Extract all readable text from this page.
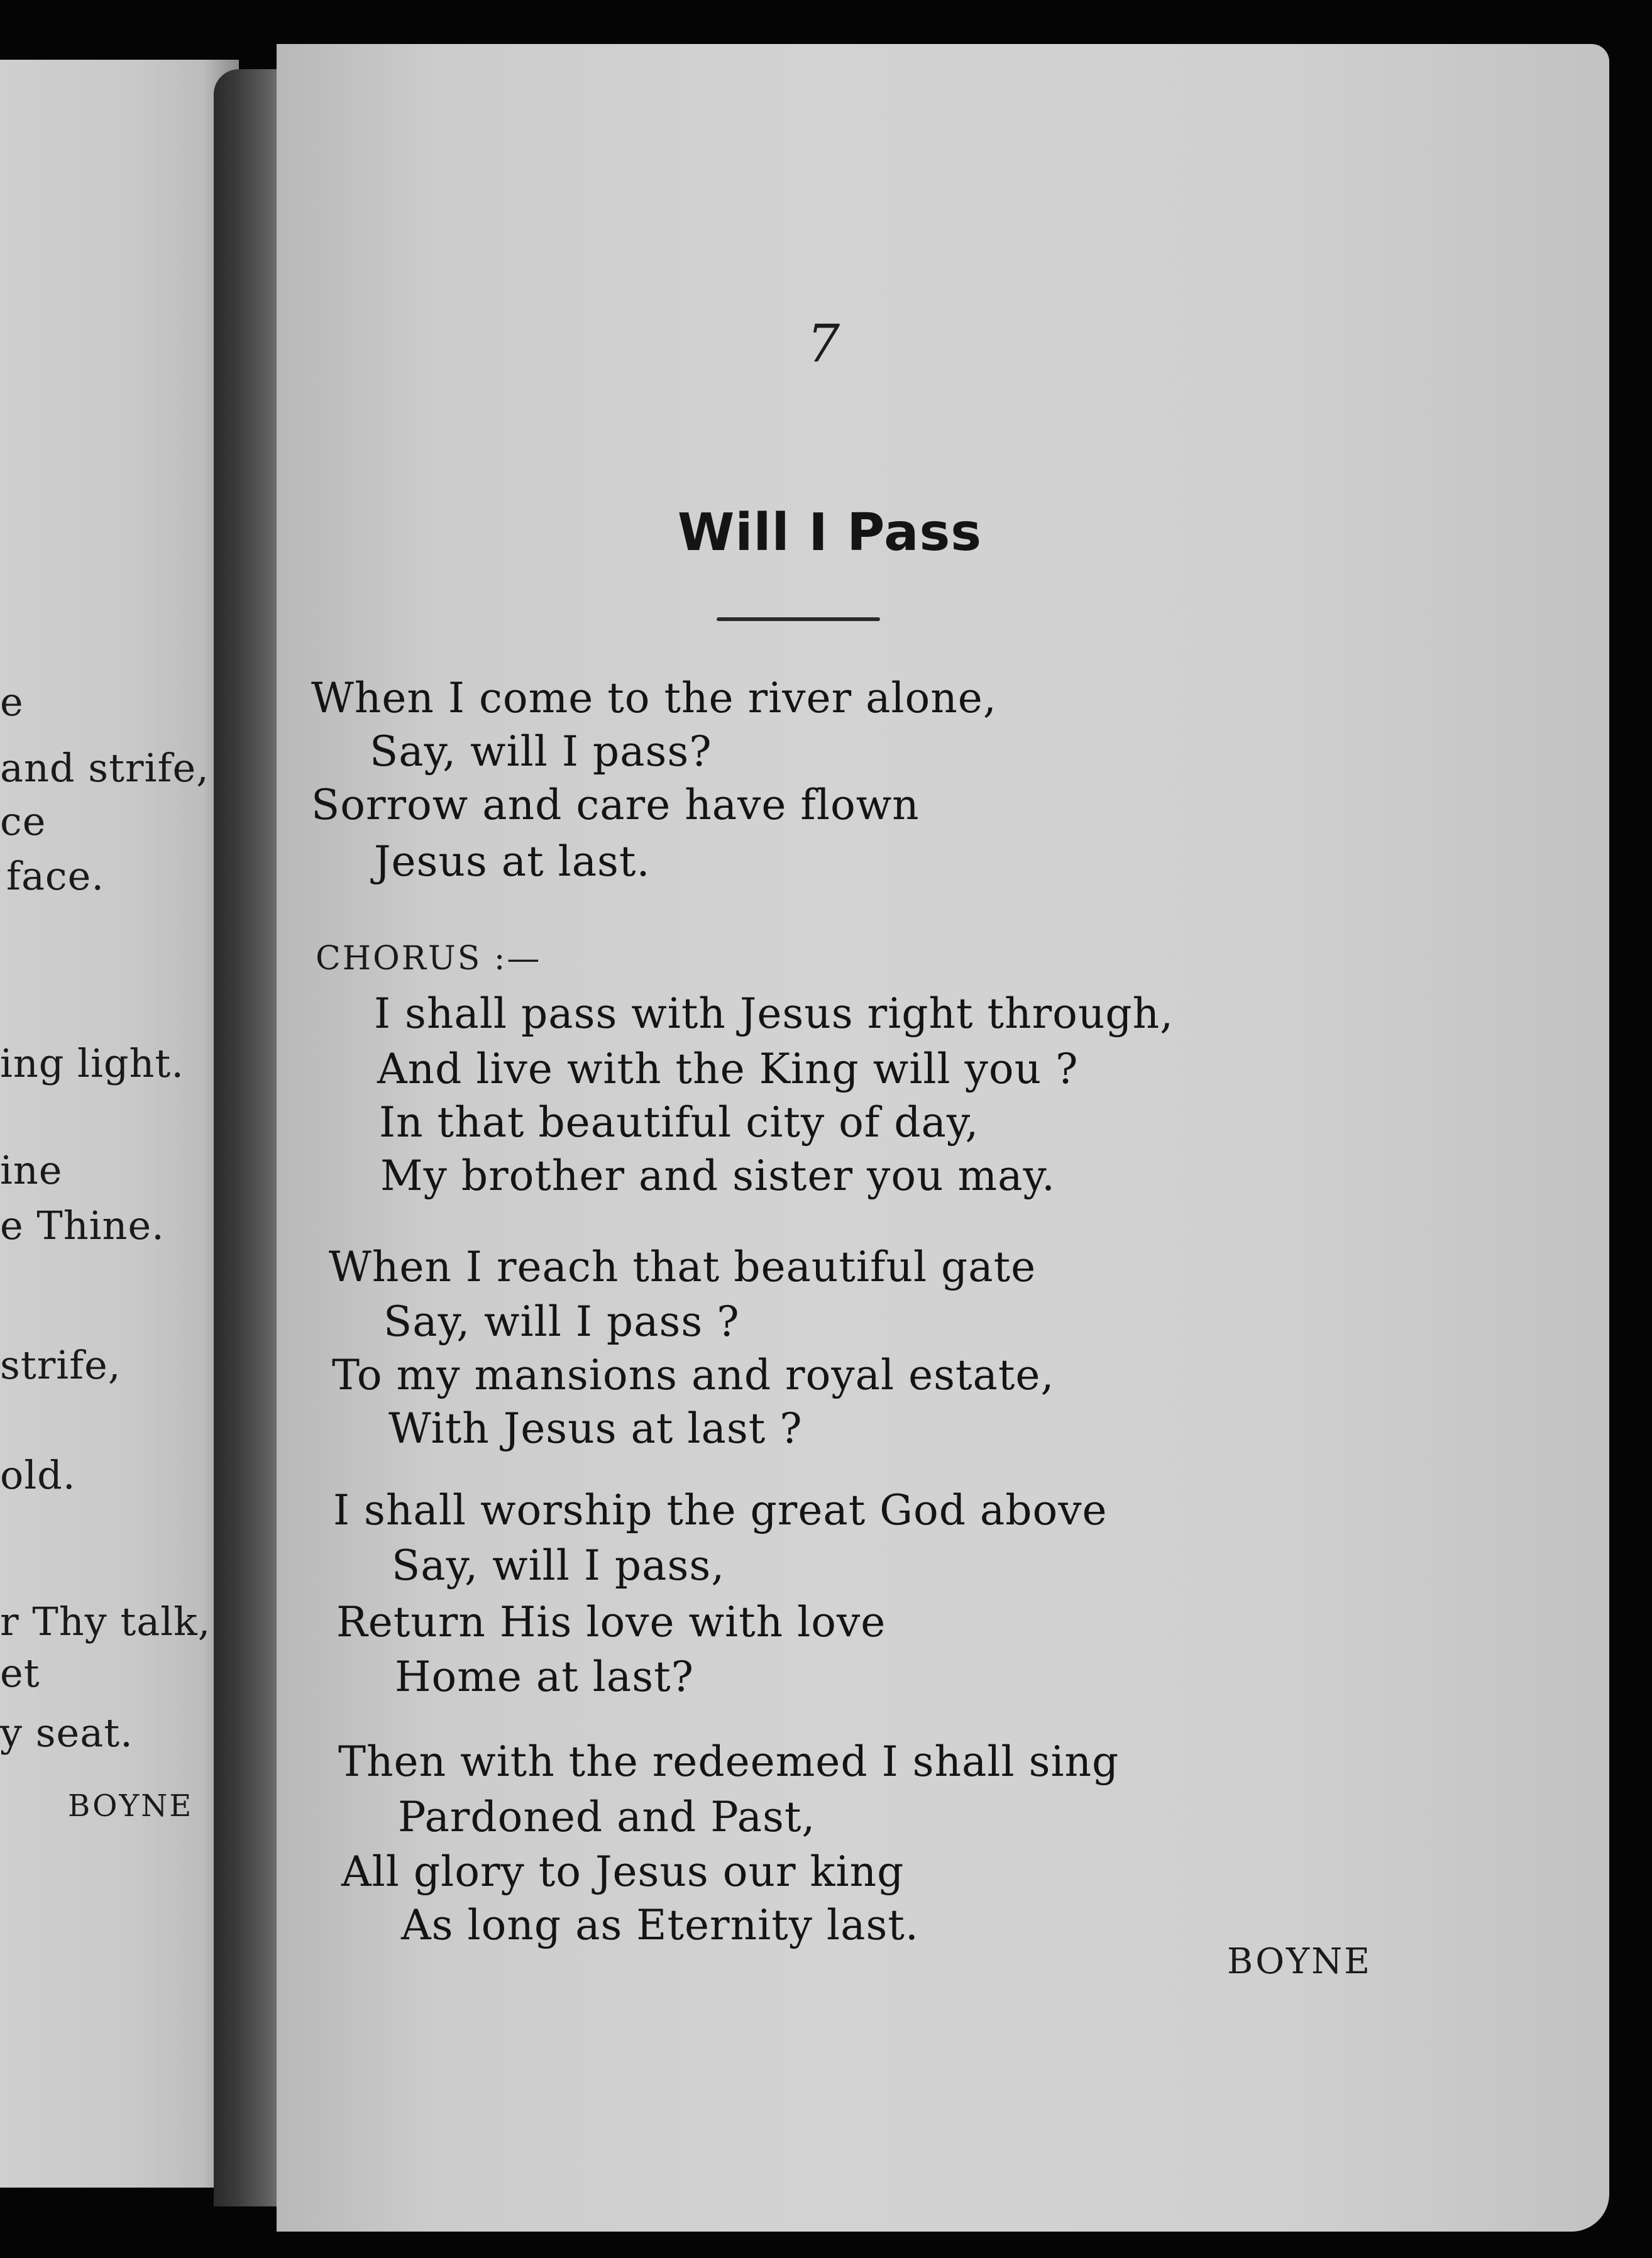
e
and strife,
ce
face.
ing light.
ine
e Thine.
strife,
old.
r Thy talk,
et
y seat.
BOYNE
7
Will I Pass
When I come to the river alone,
Say, will I pass?
Sorrow and care have flown
Jesus at last.
CHORUS :—
I shall pass with Jesus right through,
And live with the King will you ?
In that beautiful city of day,
My brother and sister you may.
When I reach that beautiful gate
Say, will I pass ?
To my mansions and royal estate,
With Jesus at last ?
I shall worship the great God above
Say, will I pass,
Return His love with love
Home at last?
Then with the redeemed I shall sing
Pardoned and Past,
All glory to Jesus our king
As long as Eternity last.
BOYNE
